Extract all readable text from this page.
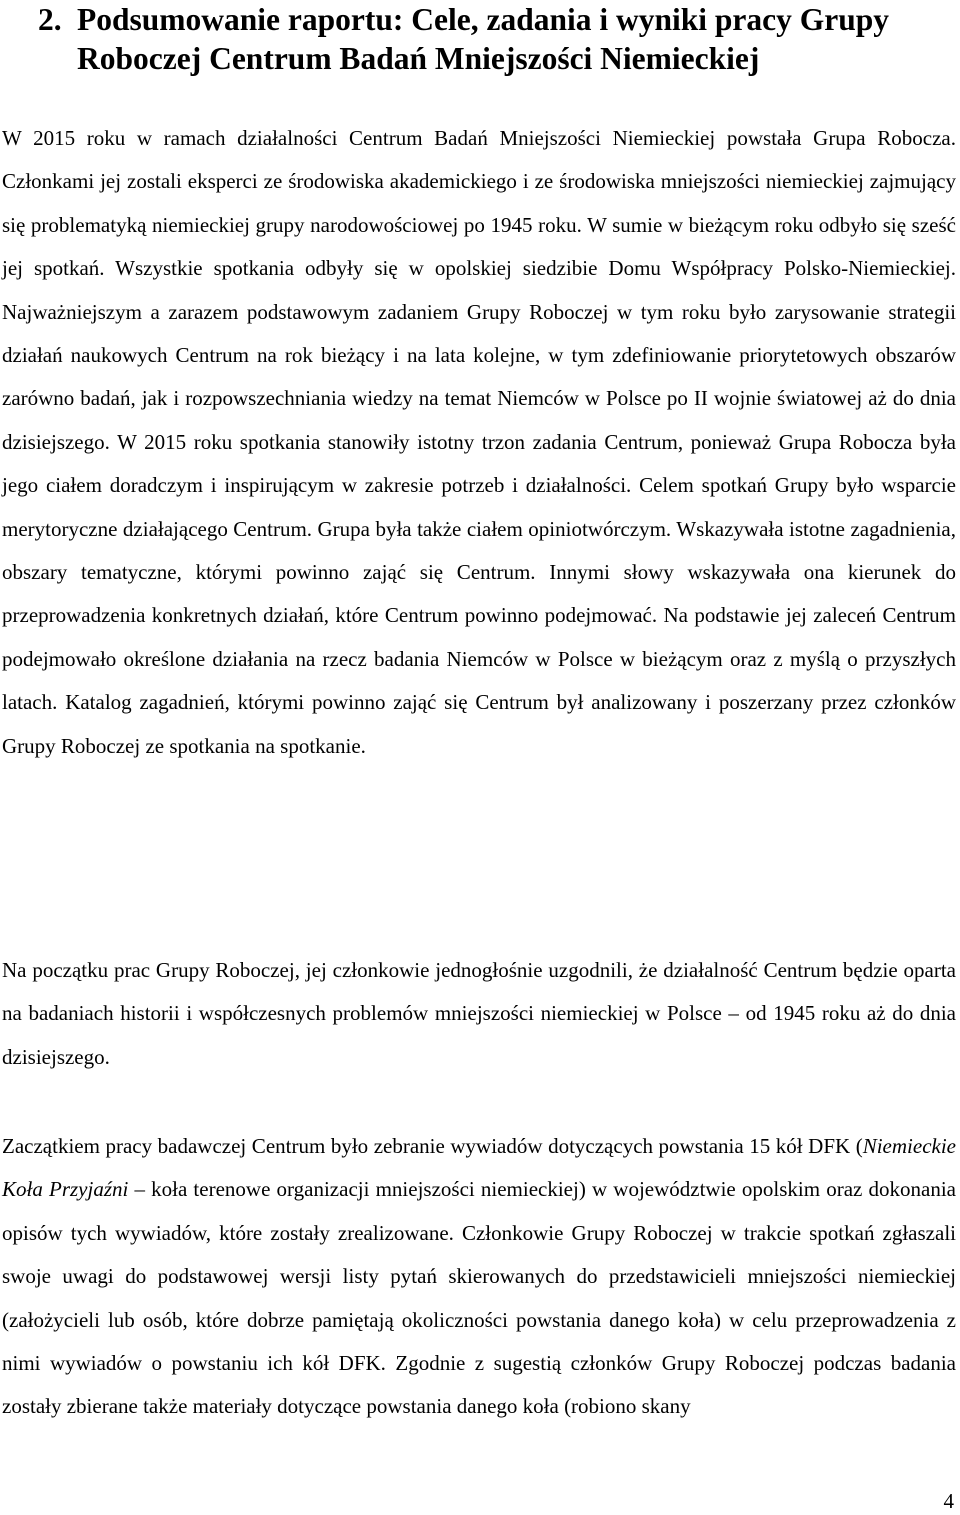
2. Podsumowanie raportu: Cele, zadania i wyniki pracy Grupy Roboczej Centrum Badań Mniejszości Niemieckiej

W 2015 roku w ramach działalności Centrum Badań Mniejszości Niemieckiej powstała Grupa Robocza. Członkami jej zostali eksperci ze środowiska akademickiego i ze środowiska mniejszości niemieckiej zajmujący się problematyką niemieckiej grupy narodowościowej po 1945 roku. W sumie w bieżącym roku odbyło się sześć jej spotkań. Wszystkie spotkania odbyły się w opolskiej siedzibie Domu Współpracy Polsko-Niemieckiej. Najważniejszym a zarazem podstawowym zadaniem Grupy Roboczej w tym roku było zarysowanie strategii działań naukowych Centrum na rok bieżący i na lata kolejne, w tym zdefiniowanie priorytetowych obszarów zarówno badań, jak i rozpowszechniania wiedzy na temat Niemców w Polsce po II wojnie światowej aż do dnia dzisiejszego. W 2015 roku spotkania stanowiły istotny trzon zadania Centrum, ponieważ Grupa Robocza była jego ciałem doradczym i inspirującym w zakresie potrzeb i działalności. Celem spotkań Grupy było wsparcie merytoryczne działającego Centrum. Grupa była także ciałem opiniotwórczym. Wskazywała istotne zagadnienia, obszary tematyczne, którymi powinno zająć się Centrum. Innymi słowy wskazywała ona kierunek do przeprowadzenia konkretnych działań, które Centrum powinno podejmować. Na podstawie jej zaleceń Centrum podejmowało określone działania na rzecz badania Niemców w Polsce w bieżącym oraz z myślą o przyszłych latach. Katalog zagadnień, którymi powinno zająć się Centrum był analizowany i poszerzany przez członków Grupy Roboczej ze spotkania na spotkanie.

Na początku prac Grupy Roboczej, jej członkowie jednogłośnie uzgodnili, że działalność Centrum będzie oparta na badaniach historii i współczesnych problemów mniejszości niemieckiej w Polsce – od 1945 roku aż do dnia dzisiejszego.

Zaczątkiem pracy badawczej Centrum było zebranie wywiadów dotyczących powstania 15 kół DFK (Niemieckie Koła Przyjaźni – koła terenowe organizacji mniejszości niemieckiej) w województwie opolskim oraz dokonania opisów tych wywiadów, które zostały zrealizowane. Członkowie Grupy Roboczej w trakcie spotkań zgłaszali swoje uwagi do podstawowej wersji listy pytań skierowanych do przedstawicieli mniejszości niemieckiej (założycieli lub osób, które dobrze pamiętają okoliczności powstania danego koła) w celu przeprowadzenia z nimi wywiadów o powstaniu ich kół DFK. Zgodnie z sugestią członków Grupy Roboczej podczas badania zostały zbierane także materiały dotyczące powstania danego koła (robiono skany

4
